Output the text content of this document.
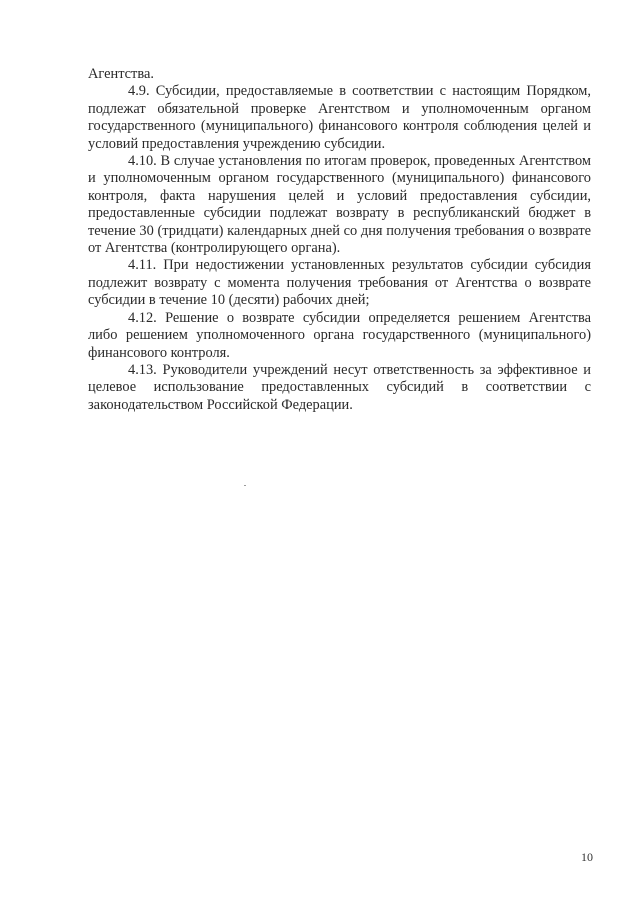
Агентства.

4.9. Субсидии, предоставляемые в соответствии с настоящим Порядком, подлежат обязательной проверке Агентством и уполномоченным органом государственного (муниципального) финансового контроля соблюдения целей и условий предоставления учреждению субсидии.

4.10. В случае установления по итогам проверок, проведенных Агентством и уполномоченным органом государственного (муниципального) финансового контроля, факта нарушения целей и условий предоставления субсидии, предоставленные субсидии подлежат возврату в республиканский бюджет в течение 30 (тридцати) календарных дней со дня получения требования о возврате от Агентства (контролирующего органа).

4.11. При недостижении установленных результатов субсидии субсидия подлежит возврату с момента получения требования от Агентства о возврате субсидии в течение 10 (десяти) рабочих дней;

4.12. Решение о возврате субсидии определяется решением Агентства либо решением уполномоченного органа государственного (муниципального) финансового контроля.

4.13. Руководители учреждений несут ответственность за эффективное и целевое использование предоставленных субсидий в соответствии с законодательством Российской Федерации.

10
